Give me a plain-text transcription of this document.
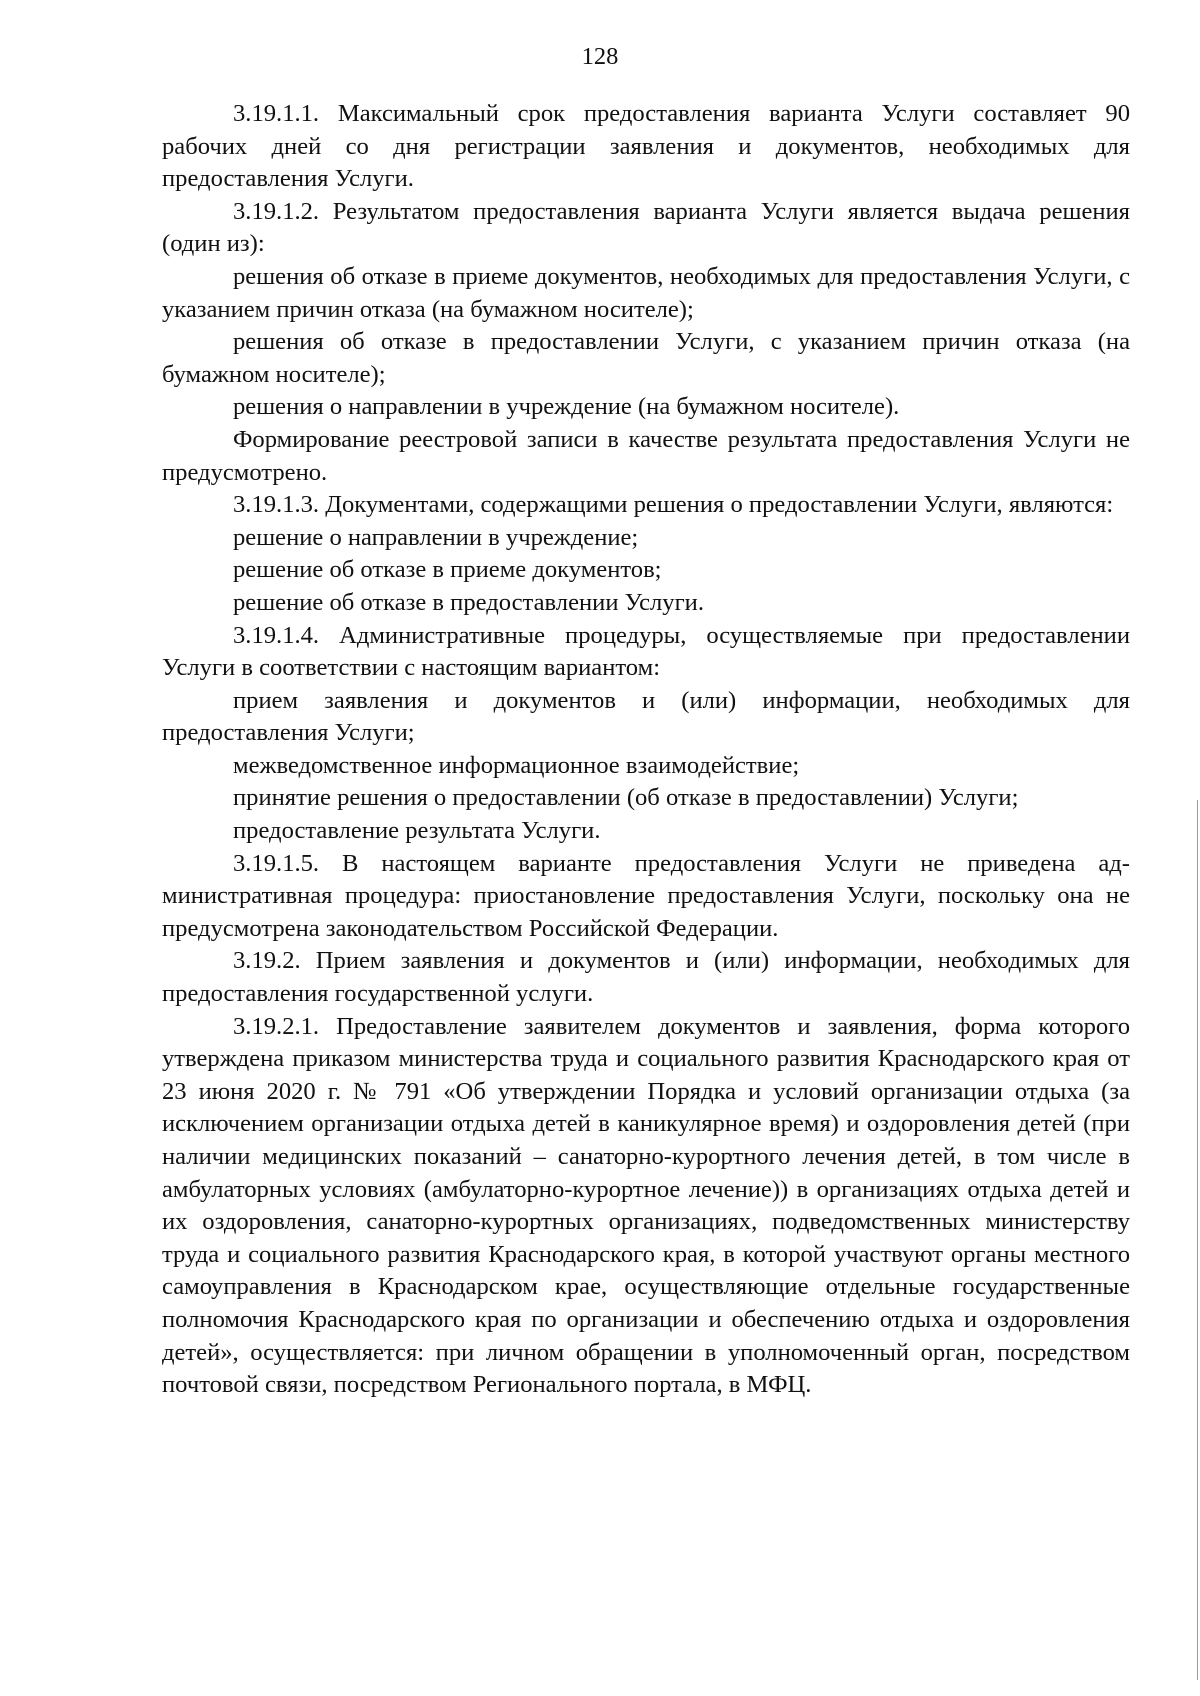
128

3.19.1.1. Максимальный срок предоставления варианта Услуги составляет 90 рабочих дней со дня регистрации заявления и документов, необходимых для предоставления Услуги.

3.19.1.2. Результатом предоставления варианта Услуги является выдача решения (один из):

решения об отказе в приеме документов, необходимых для предоставления Услуги, с указанием причин отказа (на бумажном носителе);

решения об отказе в предоставлении Услуги, с указанием причин отказа (на бумажном носителе);

решения о направлении в учреждение (на бумажном носителе).

Формирование реестровой записи в качестве результата предоставления Услуги не предусмотрено.

3.19.1.3. Документами, содержащими решения о предоставлении Услуги, являются:

решение о направлении в учреждение;

решение об отказе в приеме документов;

решение об отказе в предоставлении Услуги.

3.19.1.4. Административные процедуры, осуществляемые при предоставлении Услуги в соответствии с настоящим вариантом:

прием заявления и документов и (или) информации, необходимых для предоставления Услуги;

межведомственное информационное взаимодействие;

принятие решения о предоставлении (об отказе в предоставлении) Услуги;

предоставление результата Услуги.

3.19.1.5. В настоящем варианте предоставления Услуги не приведена административная процедура: приостановление предоставления Услуги, поскольку она не предусмотрена законодательством Российской Федерации.

3.19.2. Прием заявления и документов и (или) информации, необходимых для предоставления государственной услуги.

3.19.2.1. Предоставление заявителем документов и заявления, форма которого утверждена приказом министерства труда и социального развития Краснодарского края от 23 июня 2020 г. № 791 «Об утверждении Порядка и условий организации отдыха (за исключением организации отдыха детей в каникулярное время) и оздоровления детей (при наличии медицинских показаний – санаторно-курортного лечения детей, в том числе в амбулаторных условиях (амбулаторно-курортное лечение)) в организациях отдыха детей и их оздоровления, санаторно-курортных организациях, подведомственных министерству труда и социального развития Краснодарского края, в которой участвуют органы местного самоуправления в Краснодарском крае, осуществляющие отдельные государственные полномочия Краснодарского края по организации и обеспечению отдыха и оздоровления детей», осуществляется: при личном обращении в уполномоченный орган, посредством почтовой связи, посредством Регионального портала, в МФЦ.
